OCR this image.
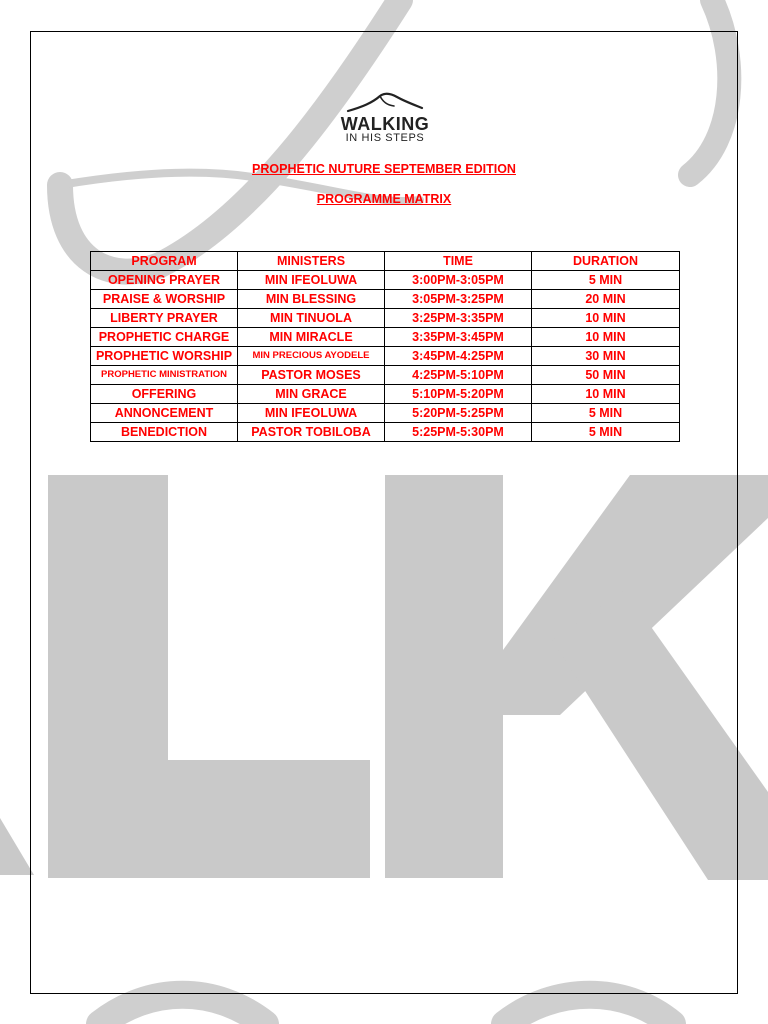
WALKING
IN HIS STEPS
PROPHETIC NUTURE SEPTEMBER EDITION
PROGRAMME MATRIX
PROGRAM	MINISTERS	TIME	DURATION
OPENING PRAYER	MIN IFEOLUWA	3:00PM-3:05PM	5 MIN
PRAISE & WORSHIP	MIN BLESSING	3:05PM-3:25PM	20 MIN
LIBERTY PRAYER	MIN TINUOLA	3:25PM-3:35PM	10 MIN
PROPHETIC CHARGE	MIN MIRACLE	3:35PM-3:45PM	10 MIN
PROPHETIC WORSHIP	MIN PRECIOUS AYODELE	3:45PM-4:25PM	30 MIN
PROPHETIC MINISTRATION	PASTOR MOSES	4:25PM-5:10PM	50 MIN
OFFERING	MIN GRACE	5:10PM-5:20PM	10 MIN
ANNONCEMENT	MIN IFEOLUWA	5:20PM-5:25PM	5 MIN
BENEDICTION	PASTOR TOBILOBA	5:25PM-5:30PM	5 MIN
